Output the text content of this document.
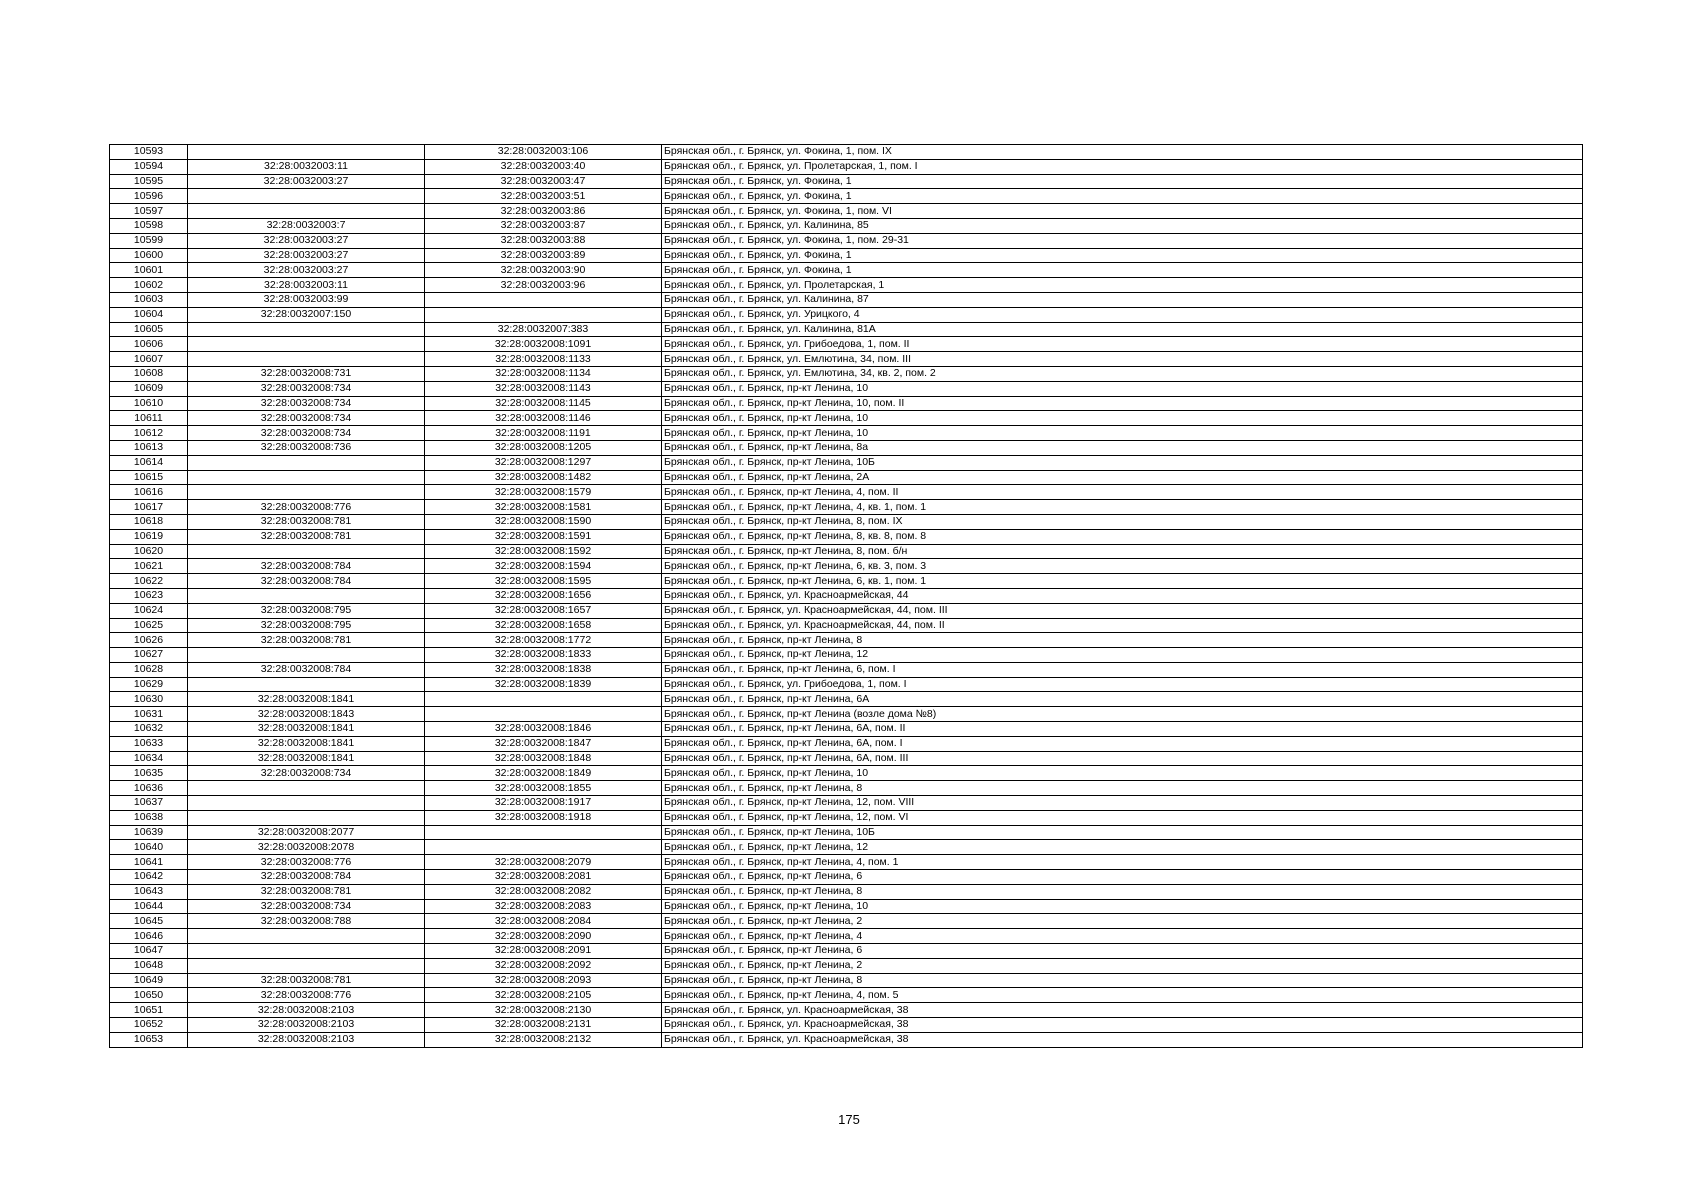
10593		32:28:0032003:106	Брянская обл., г. Брянск, ул. Фокина, 1, пом. IX
10594	32:28:0032003:11	32:28:0032003:40	Брянская обл., г. Брянск, ул. Пролетарская, 1, пом. I
10595	32:28:0032003:27	32:28:0032003:47	Брянская обл., г. Брянск, ул. Фокина, 1
10596		32:28:0032003:51	Брянская обл., г. Брянск, ул. Фокина, 1
10597		32:28:0032003:86	Брянская обл., г. Брянск, ул. Фокина, 1, пом. VI
10598	32:28:0032003:7	32:28:0032003:87	Брянская обл., г. Брянск, ул. Калинина, 85
10599	32:28:0032003:27	32:28:0032003:88	Брянская обл., г. Брянск, ул. Фокина, 1, пом. 29-31
10600	32:28:0032003:27	32:28:0032003:89	Брянская обл., г. Брянск, ул. Фокина, 1
10601	32:28:0032003:27	32:28:0032003:90	Брянская обл., г. Брянск, ул. Фокина, 1
10602	32:28:0032003:11	32:28:0032003:96	Брянская обл., г. Брянск, ул. Пролетарская, 1
10603	32:28:0032003:99		Брянская обл., г. Брянск, ул. Калинина, 87
10604	32:28:0032007:150		Брянская обл., г. Брянск, ул. Урицкого, 4
10605		32:28:0032007:383	Брянская обл., г. Брянск, ул. Калинина, 81А
10606		32:28:0032008:1091	Брянская обл., г. Брянск, ул. Грибоедова, 1, пом. II
10607		32:28:0032008:1133	Брянская обл., г. Брянск, ул. Емлютина, 34, пом. III
10608	32:28:0032008:731	32:28:0032008:1134	Брянская обл., г. Брянск, ул. Емлютина, 34, кв. 2, пом. 2
10609	32:28:0032008:734	32:28:0032008:1143	Брянская обл., г. Брянск, пр-кт Ленина, 10
10610	32:28:0032008:734	32:28:0032008:1145	Брянская обл., г. Брянск, пр-кт Ленина, 10, пом. II
10611	32:28:0032008:734	32:28:0032008:1146	Брянская обл., г. Брянск, пр-кт Ленина, 10
10612	32:28:0032008:734	32:28:0032008:1191	Брянская обл., г. Брянск, пр-кт Ленина, 10
10613	32:28:0032008:736	32:28:0032008:1205	Брянская обл., г. Брянск, пр-кт Ленина, 8а
10614		32:28:0032008:1297	Брянская обл., г. Брянск, пр-кт Ленина, 10Б
10615		32:28:0032008:1482	Брянская обл., г. Брянск, пр-кт Ленина, 2А
10616		32:28:0032008:1579	Брянская обл., г. Брянск, пр-кт Ленина, 4, пом. II
10617	32:28:0032008:776	32:28:0032008:1581	Брянская обл., г. Брянск, пр-кт Ленина, 4, кв. 1, пом. 1
10618	32:28:0032008:781	32:28:0032008:1590	Брянская обл., г. Брянск, пр-кт Ленина, 8, пом. IX
10619	32:28:0032008:781	32:28:0032008:1591	Брянская обл., г. Брянск, пр-кт Ленина, 8, кв. 8, пом. 8
10620		32:28:0032008:1592	Брянская обл., г. Брянск, пр-кт Ленина, 8, пом. б/н
10621	32:28:0032008:784	32:28:0032008:1594	Брянская обл., г. Брянск, пр-кт Ленина, 6, кв. 3, пом. 3
10622	32:28:0032008:784	32:28:0032008:1595	Брянская обл., г. Брянск, пр-кт Ленина, 6, кв. 1, пом. 1
10623		32:28:0032008:1656	Брянская обл., г. Брянск, ул. Красноармейская, 44
10624	32:28:0032008:795	32:28:0032008:1657	Брянская обл., г. Брянск, ул. Красноармейская, 44, пом. III
10625	32:28:0032008:795	32:28:0032008:1658	Брянская обл., г. Брянск, ул. Красноармейская, 44, пом. II
10626	32:28:0032008:781	32:28:0032008:1772	Брянская обл., г. Брянск, пр-кт Ленина, 8
10627		32:28:0032008:1833	Брянская обл., г. Брянск, пр-кт Ленина, 12
10628	32:28:0032008:784	32:28:0032008:1838	Брянская обл., г. Брянск, пр-кт Ленина, 6, пом. I
10629		32:28:0032008:1839	Брянская обл., г. Брянск, ул. Грибоедова, 1, пом. I
10630	32:28:0032008:1841		Брянская обл., г. Брянск, пр-кт Ленина, 6А
10631	32:28:0032008:1843		Брянская обл., г. Брянск, пр-кт Ленина (возле дома №8)
10632	32:28:0032008:1841	32:28:0032008:1846	Брянская обл., г. Брянск, пр-кт Ленина, 6А, пом. II
10633	32:28:0032008:1841	32:28:0032008:1847	Брянская обл., г. Брянск, пр-кт Ленина, 6А, пом. I
10634	32:28:0032008:1841	32:28:0032008:1848	Брянская обл., г. Брянск, пр-кт Ленина, 6А, пом. III
10635	32:28:0032008:734	32:28:0032008:1849	Брянская обл., г. Брянск, пр-кт Ленина, 10
10636		32:28:0032008:1855	Брянская обл., г. Брянск, пр-кт Ленина, 8
10637		32:28:0032008:1917	Брянская обл., г. Брянск, пр-кт Ленина, 12, пом. VIII
10638		32:28:0032008:1918	Брянская обл., г. Брянск, пр-кт Ленина, 12, пом. VI
10639	32:28:0032008:2077		Брянская обл., г. Брянск, пр-кт Ленина, 10Б
10640	32:28:0032008:2078		Брянская обл., г. Брянск, пр-кт Ленина, 12
10641	32:28:0032008:776	32:28:0032008:2079	Брянская обл., г. Брянск, пр-кт Ленина, 4, пом. 1
10642	32:28:0032008:784	32:28:0032008:2081	Брянская обл., г. Брянск, пр-кт Ленина, 6
10643	32:28:0032008:781	32:28:0032008:2082	Брянская обл., г. Брянск, пр-кт Ленина, 8
10644	32:28:0032008:734	32:28:0032008:2083	Брянская обл., г. Брянск, пр-кт Ленина, 10
10645	32:28:0032008:788	32:28:0032008:2084	Брянская обл., г. Брянск, пр-кт Ленина, 2
10646		32:28:0032008:2090	Брянская обл., г. Брянск, пр-кт Ленина, 4
10647		32:28:0032008:2091	Брянская обл., г. Брянск, пр-кт Ленина, 6
10648		32:28:0032008:2092	Брянская обл., г. Брянск, пр-кт Ленина, 2
10649	32:28:0032008:781	32:28:0032008:2093	Брянская обл., г. Брянск, пр-кт Ленина, 8
10650	32:28:0032008:776	32:28:0032008:2105	Брянская обл., г. Брянск, пр-кт Ленина, 4, пом. 5
10651	32:28:0032008:2103	32:28:0032008:2130	Брянская обл., г. Брянск, ул. Красноармейская, 38
10652	32:28:0032008:2103	32:28:0032008:2131	Брянская обл., г. Брянск, ул. Красноармейская, 38
10653	32:28:0032008:2103	32:28:0032008:2132	Брянская обл., г. Брянск, ул. Красноармейская, 38
175
